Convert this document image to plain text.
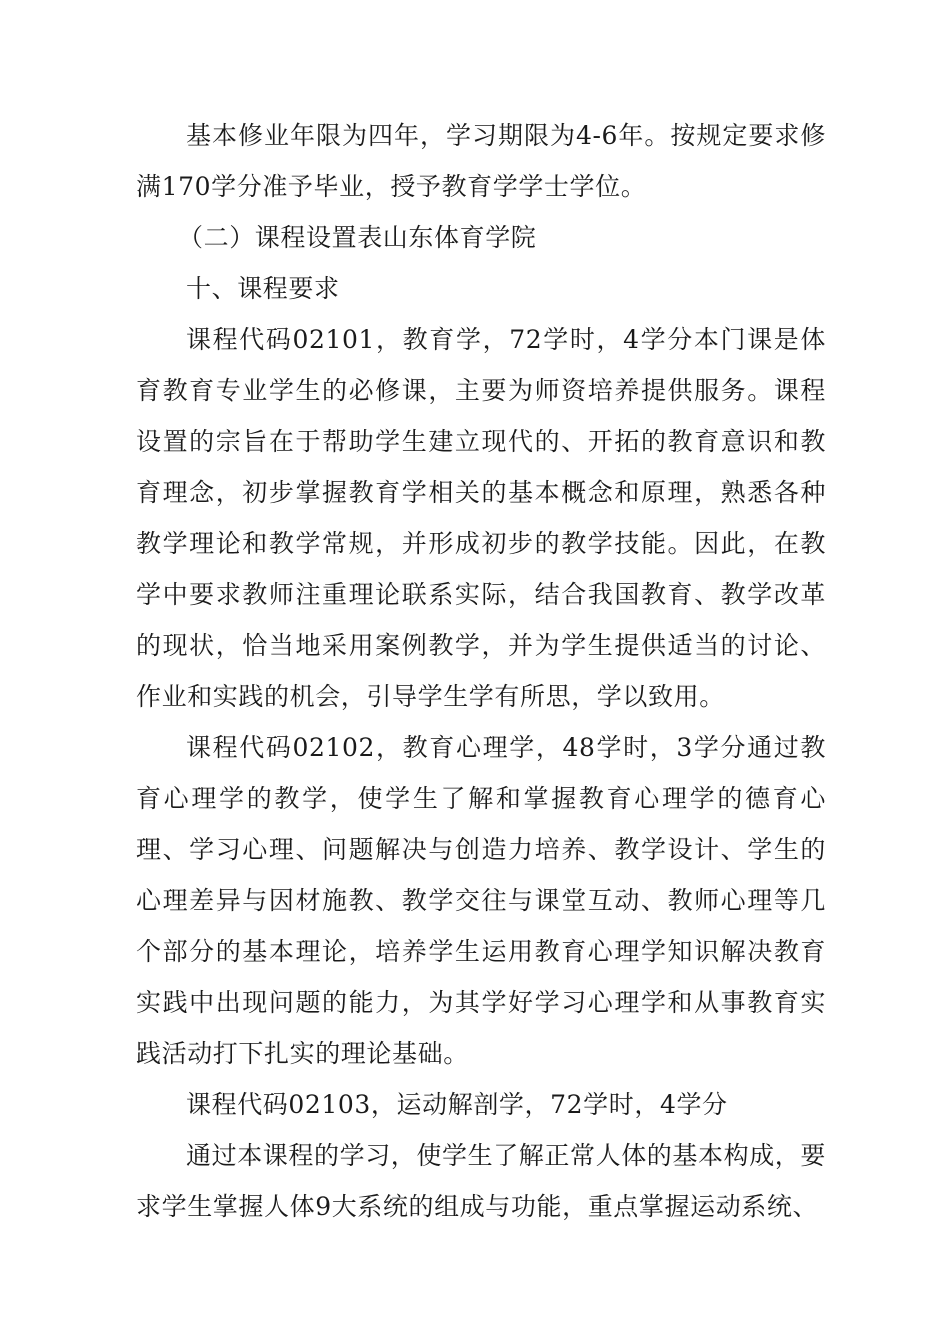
基本修业年限为四年，学习期限为4-6年。按规定要求修满170学分准予毕业，授予教育学学士学位。

（二）课程设置表山东体育学院

十、课程要求

课程代码02101，教育学，72学时，4学分本门课是体育教育专业学生的必修课，主要为师资培养提供服务。课程设置的宗旨在于帮助学生建立现代的、开拓的教育意识和教育理念，初步掌握教育学相关的基本概念和原理，熟悉各种教学理论和教学常规，并形成初步的教学技能。因此，在教学中要求教师注重理论联系实际，结合我国教育、教学改革的现状，恰当地采用案例教学，并为学生提供适当的讨论、作业和实践的机会，引导学生学有所思，学以致用。

课程代码02102，教育心理学，48学时，3学分通过教育心理学的教学，使学生了解和掌握教育心理学的德育心理、学习心理、问题解决与创造力培养、教学设计、学生的心理差异与因材施教、教学交往与课堂互动、教师心理等几个部分的基本理论，培养学生运用教育心理学知识解决教育实践中出现问题的能力，为其学好学习心理学和从事教育实践活动打下扎实的理论基础。

课程代码02103，运动解剖学，72学时，4学分

通过本课程的学习，使学生了解正常人体的基本构成，要求学生掌握人体9大系统的组成与功能，重点掌握运动系统、
